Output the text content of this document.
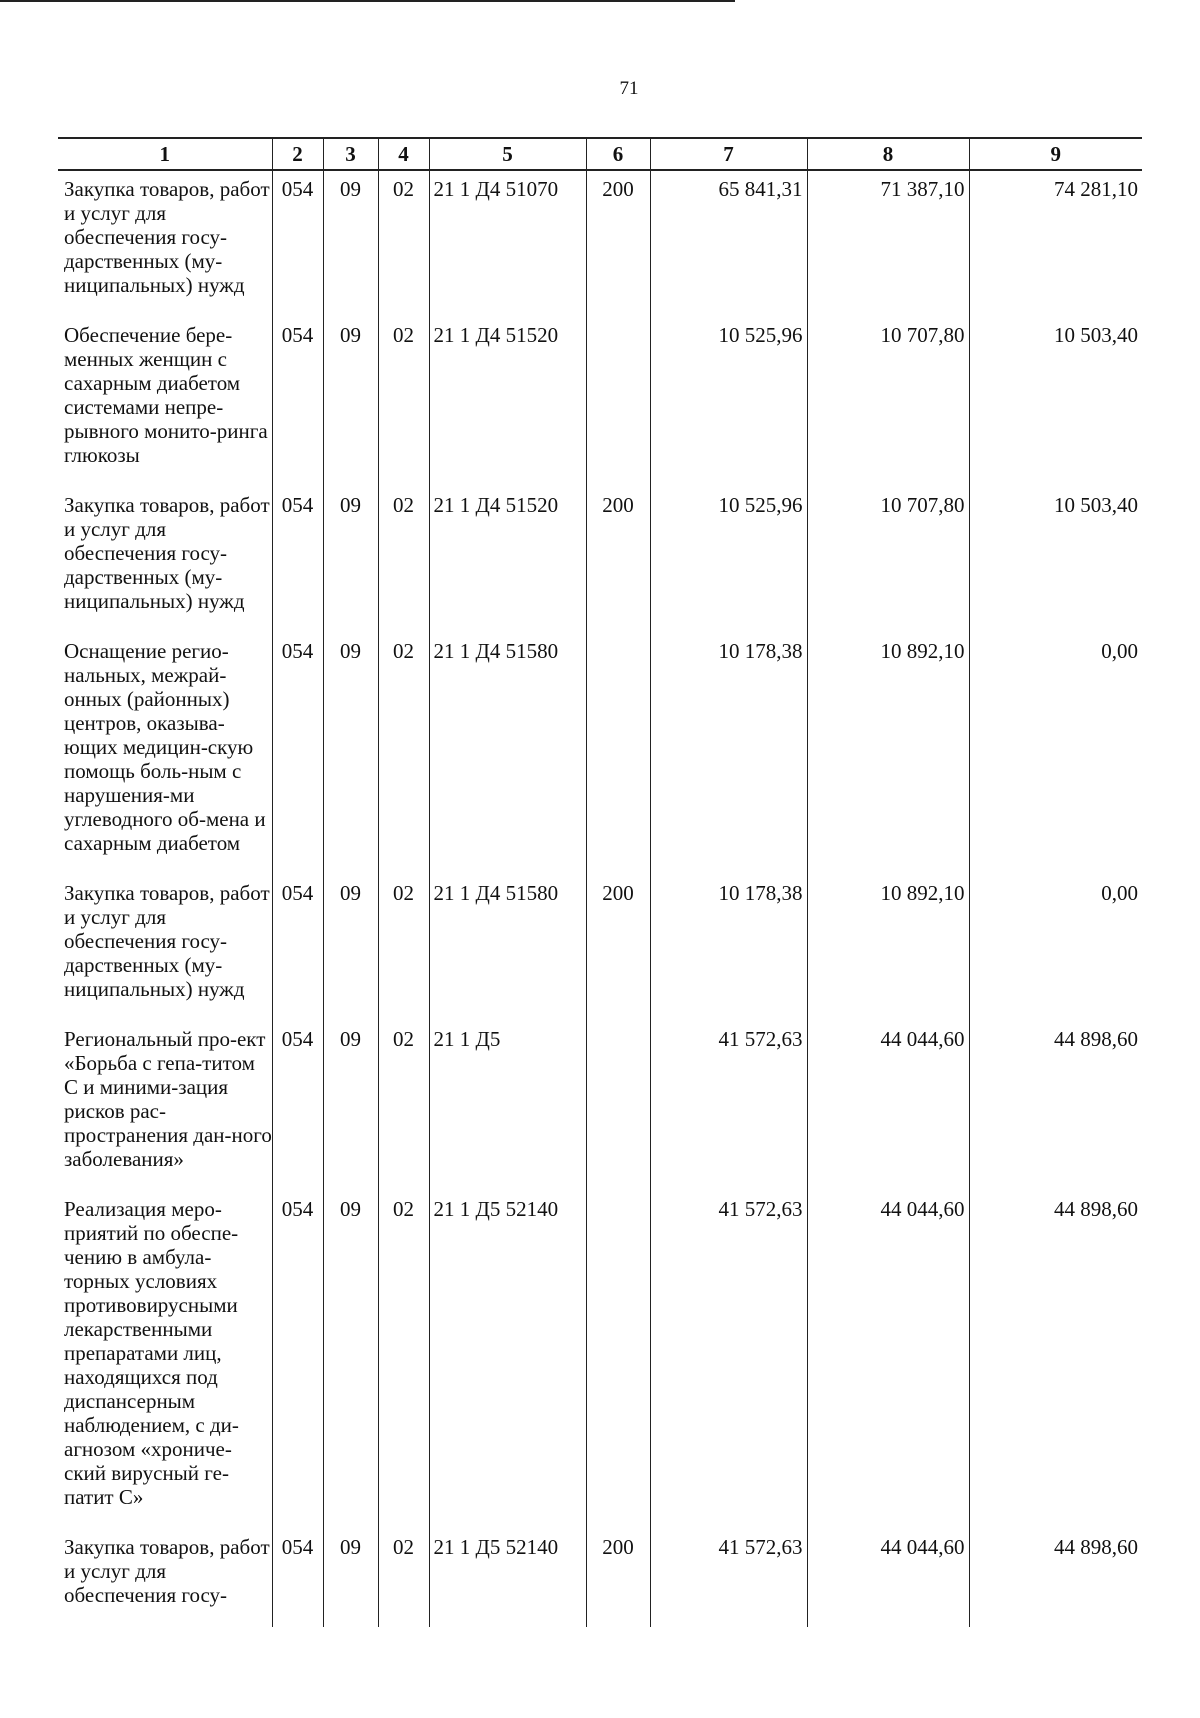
71
1	2	3	4	5	6	7	8	9

Закупка товаров, работ и услуг для обеспечения госу-дарственных (му-ниципальных) нужд	054	09	02	21 1 Д4 51070	200	65 841,31	71 387,10	74 281,10

Обеспечение бере-менных женщин с сахарным диабетом системами непре-рывного монито-ринга глюкозы	054	09	02	21 1 Д4 51520		10 525,96	10 707,80	10 503,40

Закупка товаров, работ и услуг для обеспечения госу-дарственных (му-ниципальных) нужд	054	09	02	21 1 Д4 51520	200	10 525,96	10 707,80	10 503,40

Оснащение регио-нальных, межрай-онных (районных) центров, оказыва-ющих медицин-скую помощь боль-ным с нарушения-ми углеводного об-мена и сахарным диабетом	054	09	02	21 1 Д4 51580		10 178,38	10 892,10	0,00

Закупка товаров, работ и услуг для обеспечения госу-дарственных (му-ниципальных) нужд	054	09	02	21 1 Д4 51580	200	10 178,38	10 892,10	0,00

Региональный про-ект «Борьба с гепа-титом С и миними-зация рисков рас-пространения дан-ного заболевания»	054	09	02	21 1 Д5		41 572,63	44 044,60	44 898,60

Реализация меро-приятий по обеспе-чению в амбула-торных условиях противовирусными лекарственными препаратами лиц, находящихся под диспансерным наблюдением, с ди-агнозом «хрониче-ский вирусный ге-патит С»	054	09	02	21 1 Д5 52140		41 572,63	44 044,60	44 898,60

Закупка товаров, работ и услуг для обеспечения госу-	054	09	02	21 1 Д5 52140	200	41 572,63	44 044,60	44 898,60
